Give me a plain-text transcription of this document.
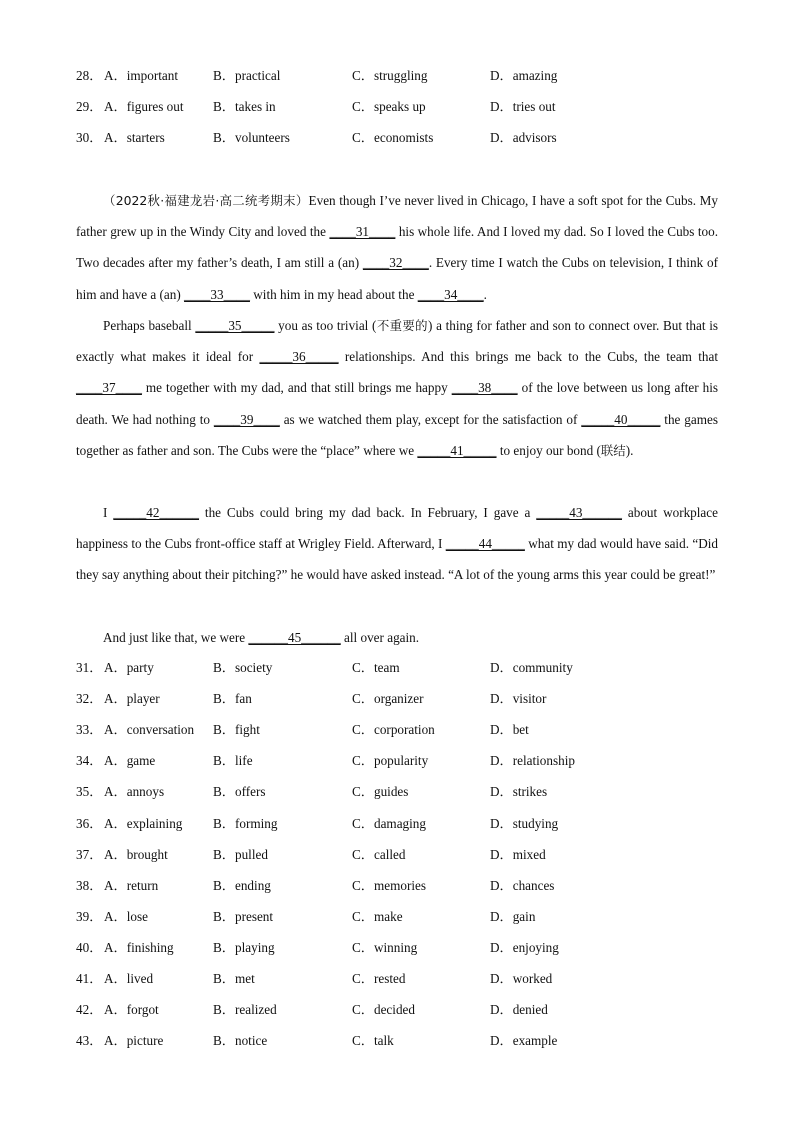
28． A．important	B．practical	C．struggling	D．amazing
29． A．figures out B．takes in	C．speaks up	D．tries out
30． A．starters	B．volunteers	C．economists	D．advisors

（2022秋·福建龙岩·高二统考期末）Even though I’ve never lived in Chicago, I have a soft spot for the Cubs. My father grew up in the Windy City and loved the ____31____ his whole life. And I loved my dad. So I loved the Cubs too. Two decades after my father’s death, I am still a (an) ____32____. Every time I watch the Cubs on television, I think of him and have a (an) ____33____ with him in my head about the ____34____.

Perhaps baseball _____35_____ you as too trivial (不重要的) a thing for father and son to connect over. But that is exactly what makes it ideal for _____36_____ relationships. And this brings me back to the Cubs, the team that ____37____ me together with my dad, and that still brings me happy ____38____ of the love between us long after his death. We had nothing to ____39____ as we watched them play, except for the satisfaction of _____40_____ the games together as father and son. The Cubs were the “place” where we _____41_____ to enjoy our bond (联结).

I _____42______ the Cubs could bring my dad back. In February, I gave a _____43______ about workplace happiness to the Cubs front-office staff at Wrigley Field. Afterward, I _____44_____ what my dad would have said. “Did they say anything about their pitching?” he would have asked instead. “A lot of the young arms this year could be great!”

And just like that, we were ______45______ all over again.

31． A．party	B．society	C．team	D．community
32． A．player	B．fan	C．organizer	D．visitor
33． A．conversation B．fight	C．corporation	D．bet
34． A．game	B．life	C．popularity	D．relationship
35． A．annoys	B．offers	C．guides	D．strikes
36． A．explaining B．forming	C．damaging	D．studying
37． A．brought	B．pulled	C．called	D．mixed
38． A．return	B．ending	C．memories	D．chances
39． A．lose	B．present	C．make	D．gain
40． A．finishing	B．playing	C．winning	D．enjoying
41． A．lived	B．met	C．rested	D．worked
42． A．forgot	B．realized	C．decided	D．denied
43． A．picture	B．notice	C．talk	D．example
